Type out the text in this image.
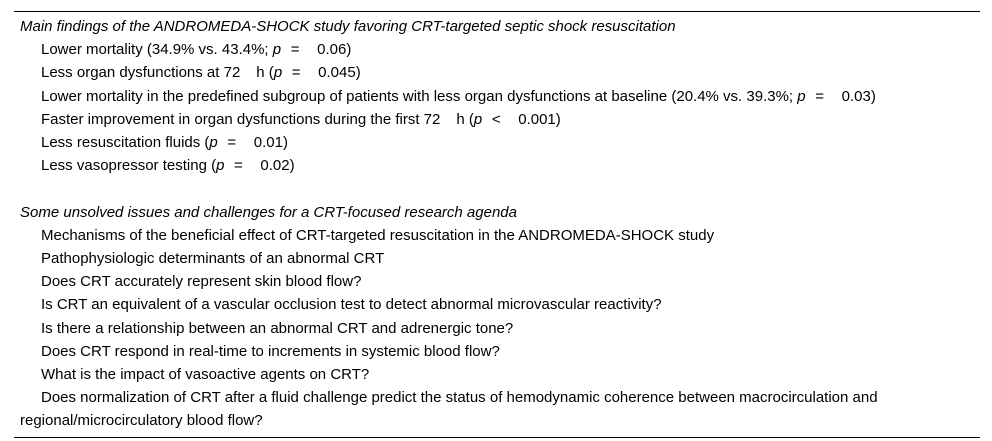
Main findings of the ANDROMEDA-SHOCK study favoring CRT-targeted septic shock resuscitation
Lower mortality (34.9% vs. 43.4%; p = 0.06)
Less organ dysfunctions at 72 h (p = 0.045)
Lower mortality in the predefined subgroup of patients with less organ dysfunctions at baseline (20.4% vs. 39.3%; p = 0.03)
Faster improvement in organ dysfunctions during the first 72 h (p < 0.001)
Less resuscitation fluids (p = 0.01)
Less vasopressor testing (p = 0.02)
Some unsolved issues and challenges for a CRT-focused research agenda
Mechanisms of the beneficial effect of CRT-targeted resuscitation in the ANDROMEDA-SHOCK study
Pathophysiologic determinants of an abnormal CRT
Does CRT accurately represent skin blood flow?
Is CRT an equivalent of a vascular occlusion test to detect abnormal microvascular reactivity?
Is there a relationship between an abnormal CRT and adrenergic tone?
Does CRT respond in real-time to increments in systemic blood flow?
What is the impact of vasoactive agents on CRT?
Does normalization of CRT after a fluid challenge predict the status of hemodynamic coherence between macrocirculation and regional/microcirculatory blood flow?
